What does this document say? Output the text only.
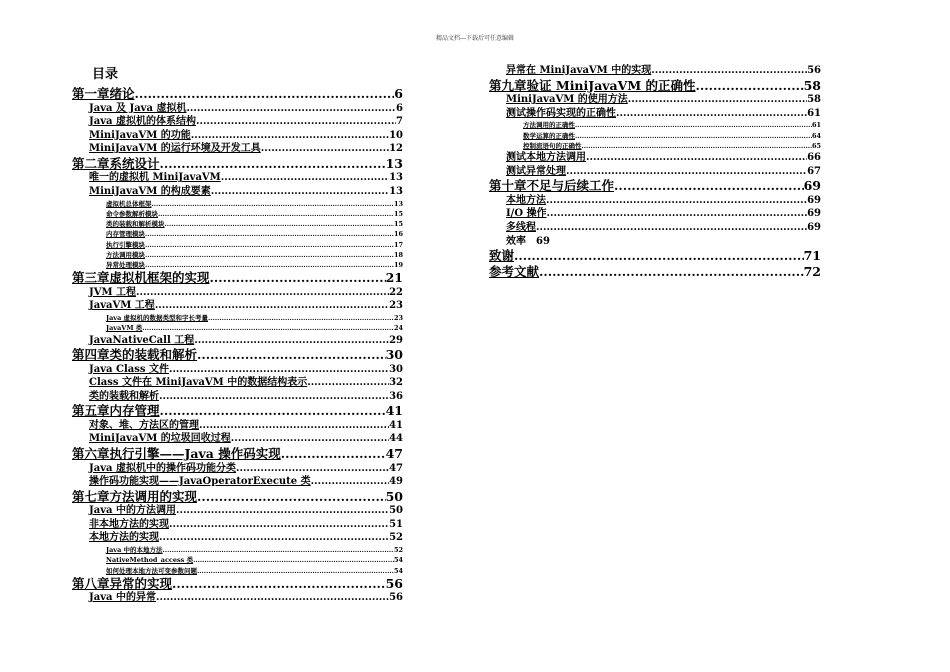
精品文档---下载后可任意编辑
目录
第一章绪论 .....	6
Java 及 Java 虚拟机 .....	6
Java 虚拟机的体系结构 .....	7
MiniJavaVM 的功能 .....	10
MiniJavaVM 的运行环境及开发工具 .....	12
第二章系统设计 .....	13
唯一的虚拟机 MiniJavaVM .....	13
MiniJavaVM 的构成要素 .....	13
虚拟机总体框架 .....	13
命令参数解析模块 .....	15
类的装载和解析模块 .....	15
内存管理模块 .....	16
执行引擎模块 .....	17
方法调用模块 .....	18
异常处理模块 .....	19
第三章虚拟机框架的实现 .....	21
JVM 工程 .....	22
JavaVM 工程 .....	23
Java 虚拟机的数据类型和字长考量 .....	23
JavaVM 类 .....	24
JavaNativeCall 工程 .....	29
第四章类的装载和解析 .....	30
Java Class 文件 .....	30
Class 文件在 MiniJavaVM 中的数据结构表示 .....	32
类的装载和解析 .....	36
第五章内存管理 .....	41
对象、堆、方法区的管理 .....	41
MiniJavaVM 的垃圾回收过程 .....	44
第六章执行引擎——Java 操作码实现 .....	47
Java 虚拟机中的操作码功能分类 .....	47
操作码功能实现——JavaOperatorExecute 类 .....	49
第七章方法调用的实现 .....	50
Java 中的方法调用 .....	50
非本地方法的实现 .....	51
本地方法的实现 .....	52
Java 中的本地方法 .....	52
NativeMethod_access 类 .....	54
如何处理本地方法可变参数问题 .....	54
第八章异常的实现 .....	56
Java 中的异常 .....	56
异常在 MiniJavaVM 中的实现 .....	56
第九章验证 MiniJavaVM 的正确性 .....	58
MiniJavaVM 的使用方法 .....	58
测试操作码实现的正确性 .....	61
方法调用的正确性 .....	61
数学运算的正确性 .....	64
控制流语句的正确性 .....	65
测试本地方法调用 .....	66
测试异常处理 .....	67
第十章不足与后续工作 .....	69
本地方法 .....	69
I/O 操作 .....	69
多线程 .....	69
效率 69
致谢 .....	71
参考文献 .....	72
